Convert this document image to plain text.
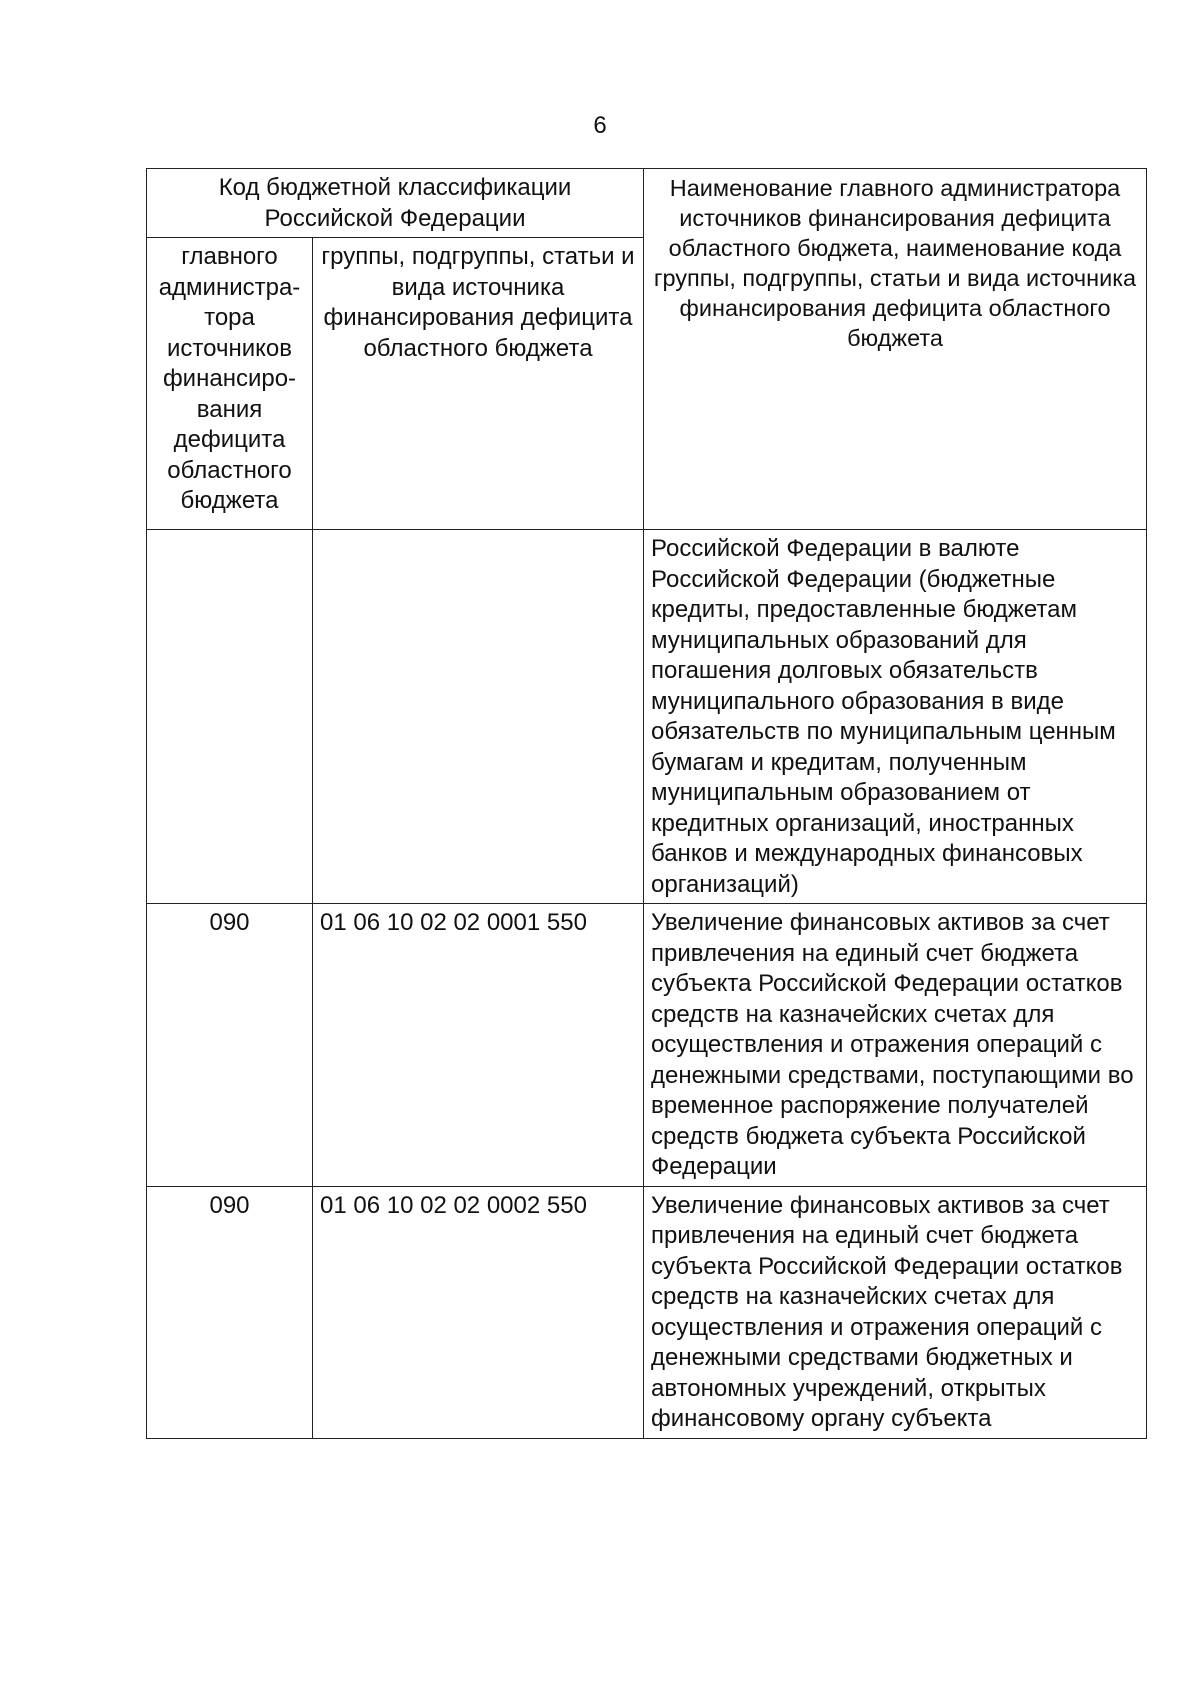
6
Код бюджетной классификации Российской Федерации		Наименование главного администратора источников финансирования дефицита областного бюджета, наименование кода группы, подгруппы, статьи и вида источника финансирования дефицита областного бюджета
главного администра-тора источников финансиро-вания дефицита областного бюджета	группы, подгруппы, статьи и вида источника финансирования дефицита областного бюджета	
		Российской Федерации в валюте Российской Федерации (бюджетные кредиты, предоставленные бюджетам муниципальных образований для погашения долговых обязательств муниципального образования в виде обязательств по муниципальным ценным бумагам и кредитам, полученным муниципальным образованием от кредитных организаций, иностранных банков и международных финансовых организаций)
090	01 06 10 02 02 0001 550	Увеличение финансовых активов за счет привлечения на единый счет бюджета субъекта Российской Федерации остатков средств на казначейских счетах для осуществления и отражения операций с денежными средствами, поступающими во временное распоряжение получателей средств бюджета субъекта Российской Федерации
090	01 06 10 02 02 0002 550	Увеличение финансовых активов за счет привлечения на единый счет бюджета субъекта Российской Федерации остатков средств на казначейских счетах для осуществления и отражения операций с денежными средствами бюджетных и автономных учреждений, открытых финансовому органу субъекта
